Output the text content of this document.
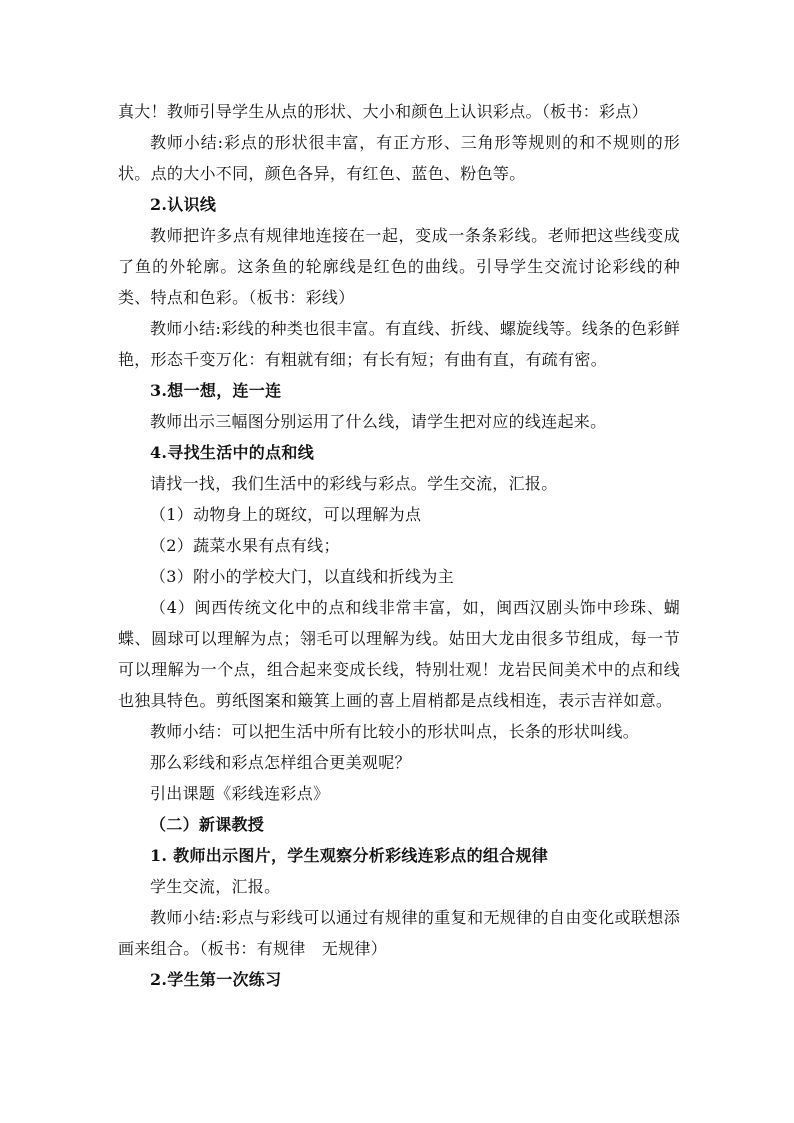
真大！教师引导学生从点的形状、大小和颜色上认识彩点。（板书：彩点）

教师小结:彩点的形状很丰富，有正方形、三角形等规则的和不规则的形状。点的大小不同，颜色各异，有红色、蓝色、粉色等。

2.认识线

教师把许多点有规律地连接在一起，变成一条条彩线。老师把这些线变成了鱼的外轮廓。这条鱼的轮廓线是红色的曲线。引导学生交流讨论彩线的种类、特点和色彩。（板书：彩线）

教师小结:彩线的种类也很丰富。有直线、折线、螺旋线等。线条的色彩鲜艳，形态千变万化：有粗就有细；有长有短；有曲有直，有疏有密。

3.想一想，连一连

教师出示三幅图分别运用了什么线，请学生把对应的线连起来。

4.寻找生活中的点和线

请找一找，我们生活中的彩线与彩点。学生交流，汇报。

（1）动物身上的斑纹，可以理解为点

（2）蔬菜水果有点有线；

（3）附小的学校大门，以直线和折线为主

（4）闽西传统文化中的点和线非常丰富，如，闽西汉剧头饰中珍珠、蝴蝶、圆球可以理解为点；翎毛可以理解为线。姑田大龙由很多节组成，每一节可以理解为一个点，组合起来变成长线，特别壮观！龙岩民间美术中的点和线也独具特色。剪纸图案和簸箕上画的喜上眉梢都是点线相连，表示吉祥如意。

教师小结：可以把生活中所有比较小的形状叫点，长条的形状叫线。

那么彩线和彩点怎样组合更美观呢？

引出课题《彩线连彩点》

（二）新课教授

1. 教师出示图片，学生观察分析彩线连彩点的组合规律

学生交流，汇报。

教师小结:彩点与彩线可以通过有规律的重复和无规律的自由变化或联想添画来组合。（板书：有规律　无规律）

2.学生第一次练习
